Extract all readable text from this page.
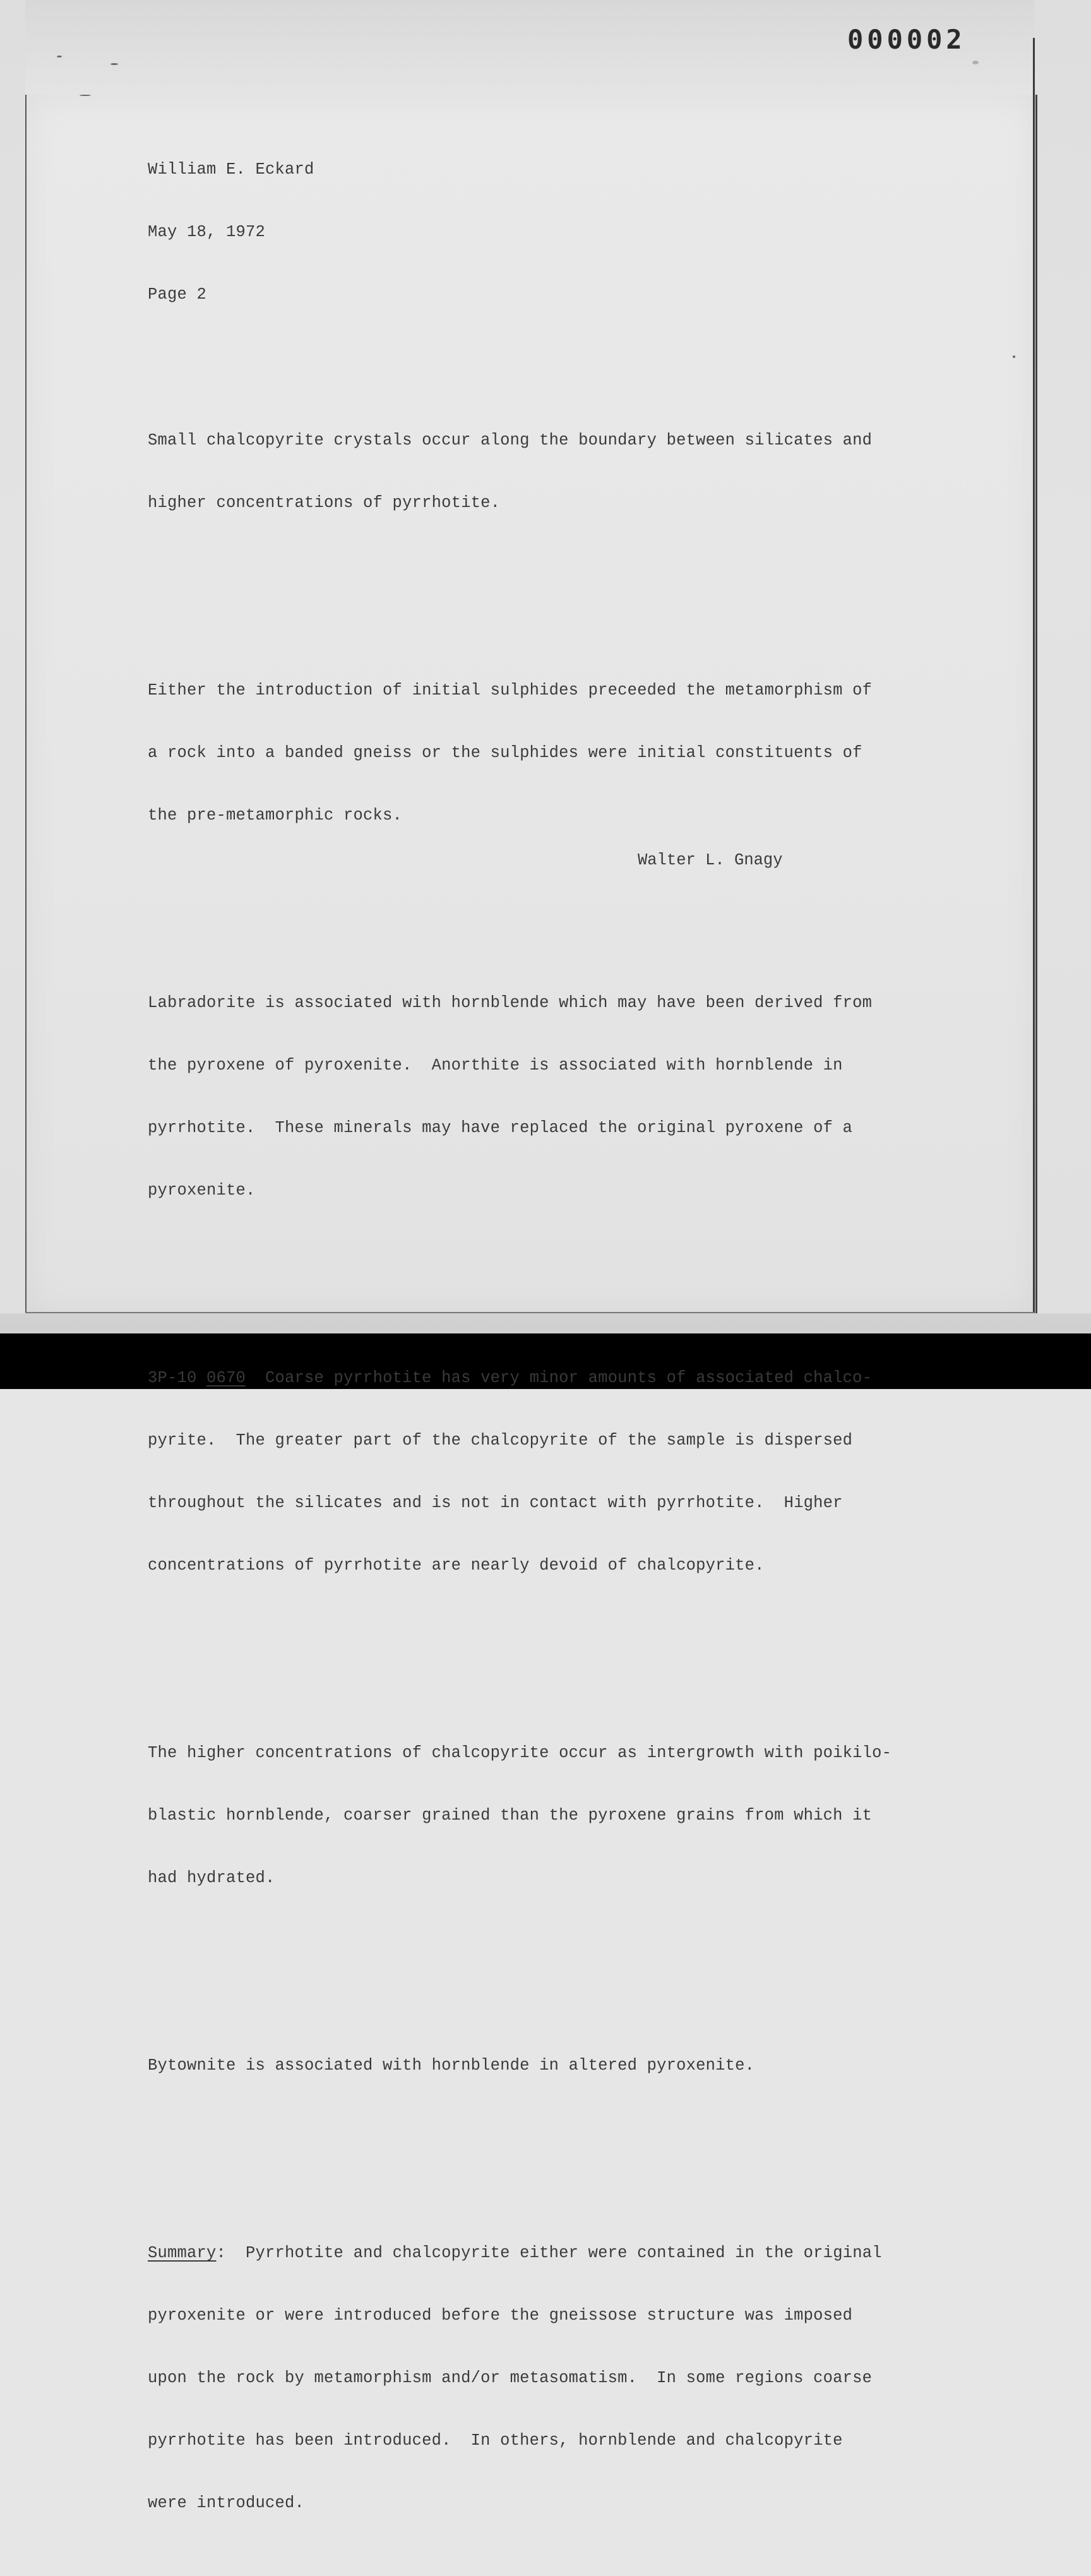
000002

William E. Eckard

May 18, 1972

Page 2

Small chalcopyrite crystals occur along the boundary between silicates and

higher concentrations of pyrrhotite.

Either the introduction of initial sulphides preceeded the metamorphism of

a rock into a banded gneiss or the sulphides were initial constituents of

the pre-metamorphic rocks.

Labradorite is associated with hornblende which may have been derived from

the pyroxene of pyroxenite.  Anorthite is associated with hornblende in

pyrrhotite.  These minerals may have replaced the original pyroxene of a

pyroxenite.

3P-10 0670  Coarse pyrrhotite has very minor amounts of associated chalco-

pyrite.  The greater part of the chalcopyrite of the sample is dispersed

throughout the silicates and is not in contact with pyrrhotite.  Higher

concentrations of pyrrhotite are nearly devoid of chalcopyrite.

The higher concentrations of chalcopyrite occur as intergrowth with poikilo-

blastic hornblende, coarser grained than the pyroxene grains from which it

had hydrated.

Bytownite is associated with hornblende in altered pyroxenite.

Summary:  Pyrrhotite and chalcopyrite either were contained in the original

pyroxenite or were introduced before the gneissose structure was imposed

upon the rock by metamorphism and/or metasomatism.  In some regions coarse

pyrrhotite has been introduced.  In others, hornblende and chalcopyrite

were introduced.

Walter L. Gnagy
